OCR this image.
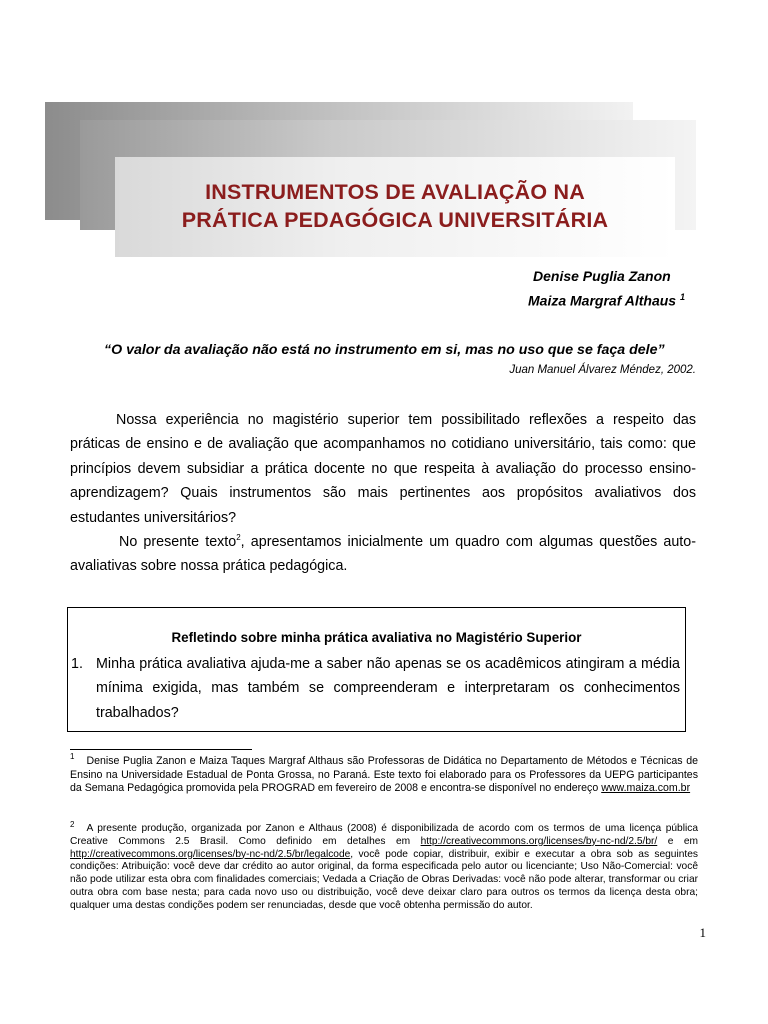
INSTRUMENTOS DE AVALIAÇÃO NA
PRÁTICA PEDAGÓGICA UNIVERSITÁRIA
Denise Puglia Zanon
Maiza Margraf Althaus $^1$
“O valor da avaliação não está no instrumento em si, mas no uso que se faça dele”
Juan Manuel Álvarez Méndez, 2002.

Nossa experiência no magistério superior tem possibilitado reflexões a respeito das práticas de ensino e de avaliação que acompanhamos no cotidiano universitário, tais como: que princípios devem subsidiar a prática docente no que respeita à avaliação do processo ensino-aprendizagem? Quais instrumentos são mais pertinentes aos propósitos avaliativos dos estudantes universitários?

No presente texto$^2$, apresentamos inicialmente um quadro com algumas questões auto-avaliativas sobre nossa prática pedagógica.

Refletindo sobre minha prática avaliativa no Magistério Superior
1. Minha prática avaliativa ajuda-me a saber não apenas se os acadêmicos atingiram a média mínima exigida, mas também se compreenderam e interpretaram os conhecimentos trabalhados?

$^1$ Denise Puglia Zanon e Maiza Taques Margraf Althaus são Professoras de Didática no Departamento de Métodos e Técnicas de Ensino na Universidade Estadual de Ponta Grossa, no Paraná. Este texto foi elaborado para os Professores da UEPG participantes da Semana Pedagógica promovida pela PROGRAD em fevereiro de 2008 e encontra-se disponível no endereço www.maiza.com.br

$^2$ A presente produção, organizada por Zanon e Althaus (2008) é disponibilizada de acordo com os termos de uma licença pública Creative Commons 2.5 Brasil. Como definido em detalhes em http://creativecommons.org/licenses/by-nc-nd/2.5/br/ e em http://creativecommons.org/licenses/by-nc-nd/2.5/br/legalcode, você pode copiar, distribuir, exibir e executar a obra sob as seguintes condições: Atribuição: você deve dar crédito ao autor original, da forma especificada pelo autor ou licenciante; Uso Não-Comercial: você não pode utilizar esta obra com finalidades comerciais; Vedada a Criação de Obras Derivadas: você não pode alterar, transformar ou criar outra obra com base nesta; para cada novo uso ou distribuição, você deve deixar claro para outros os termos da licença desta obra; qualquer uma destas condições podem ser renunciadas, desde que você obtenha permissão do autor.

1
